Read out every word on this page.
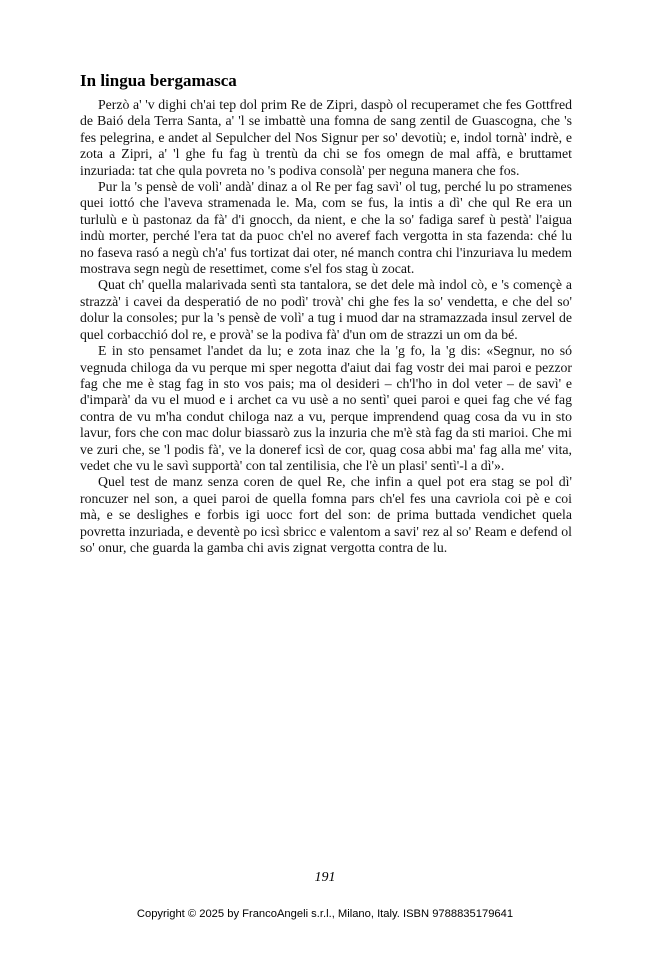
In lingua bergamasca

Perzò a' 'v dighi ch'ai tep dol prim Re de Zipri, daspò ol recuperamet che fes Gottfred de Baió dela Terra Santa, a' 'l se imbattè una fomna de sang zentil de Guascogna, che 's fes pelegrina, e andet al Sepulcher del Nos Signur per so' devotiù; e, indol tornà' indrè, e zota a Zipri, a' 'l ghe fu fag ù trentù da chi se fos omegn de mal affà, e bruttamet inzuriada: tat che qula povreta no 's podiva consolà' per neguna manera che fos.

Pur la 's pensè de volì' andà' dinaz a ol Re per fag savì' ol tug, perché lu po stramenes quei iottó che l'aveva stramenada le. Ma, com se fus, la intis a dì' che qul Re era un turlulù e ù pastonaz da fà' d'i gnocch, da nient, e che la so' fadiga saref ù pestà' l'aigua indù morter, perché l'era tat da puoc ch'el no averef fach vergotta in sta fazenda: ché lu no faseva rasó a negù ch'a' fus tortizat dai oter, né manch contra chi l'inzuriava lu medem mostrava segn negù de resettimet, come s'el fos stag ù zocat.

Quat ch' quella malarivada sentì sta tantalora, se det dele mà indol cò, e 's començè a strazzà' i cavei da desperatió de no podì' trovà' chi ghe fes la so' vendetta, e che del so' dolur la consoles; pur la 's pensè de volì' a tug i muod dar na stramazzada insul zervel de quel corbacchió dol re, e provà' se la podiva fà' d'un om de strazzi un om da bé.

E in sto pensamet l'andet da lu; e zota inaz che la 'g fo, la 'g dis: «Segnur, no só vegnuda chiloga da vu perque mi sper negotta d'aiut dai fag vostr dei mai paroi e pezzor fag che me è stag fag in sto vos pais; ma ol desideri – ch'l'ho in dol veter – de savì' e d'imparà' da vu el muod e i archet ca vu usè a no sentì' quei paroi e quei fag che vé fag contra de vu m'ha condut chiloga naz a vu, perque imprendend quag cosa da vu in sto lavur, fors che con mac dolur biassarò zus la inzuria che m'è stà fag da sti marioi. Che mi ve zuri che, se 'l podis fà', ve la doneref icsì de cor, quag cosa abbi ma' fag alla me' vita, vedet che vu le savì supportà' con tal zentilisia, che l'è un plasi' sentì'-l a dì'».

Quel test de manz senza coren de quel Re, che infin a quel pot era stag se pol dì' roncuzer nel son, a quei paroi de quella fomna pars ch'el fes una cavriola coi pè e coi mà, e se deslighes e forbis igi uocc fort del son: de prima buttada vendichet quela povretta inzuriada, e deventè po icsì sbricc e valentom a savi' rez al so' Ream e defend ol so' onur, che guarda la gamba chi avis zignat vergotta contra de lu.

191
Copyright © 2025 by FrancoAngeli s.r.l., Milano, Italy. ISBN 9788835179641
